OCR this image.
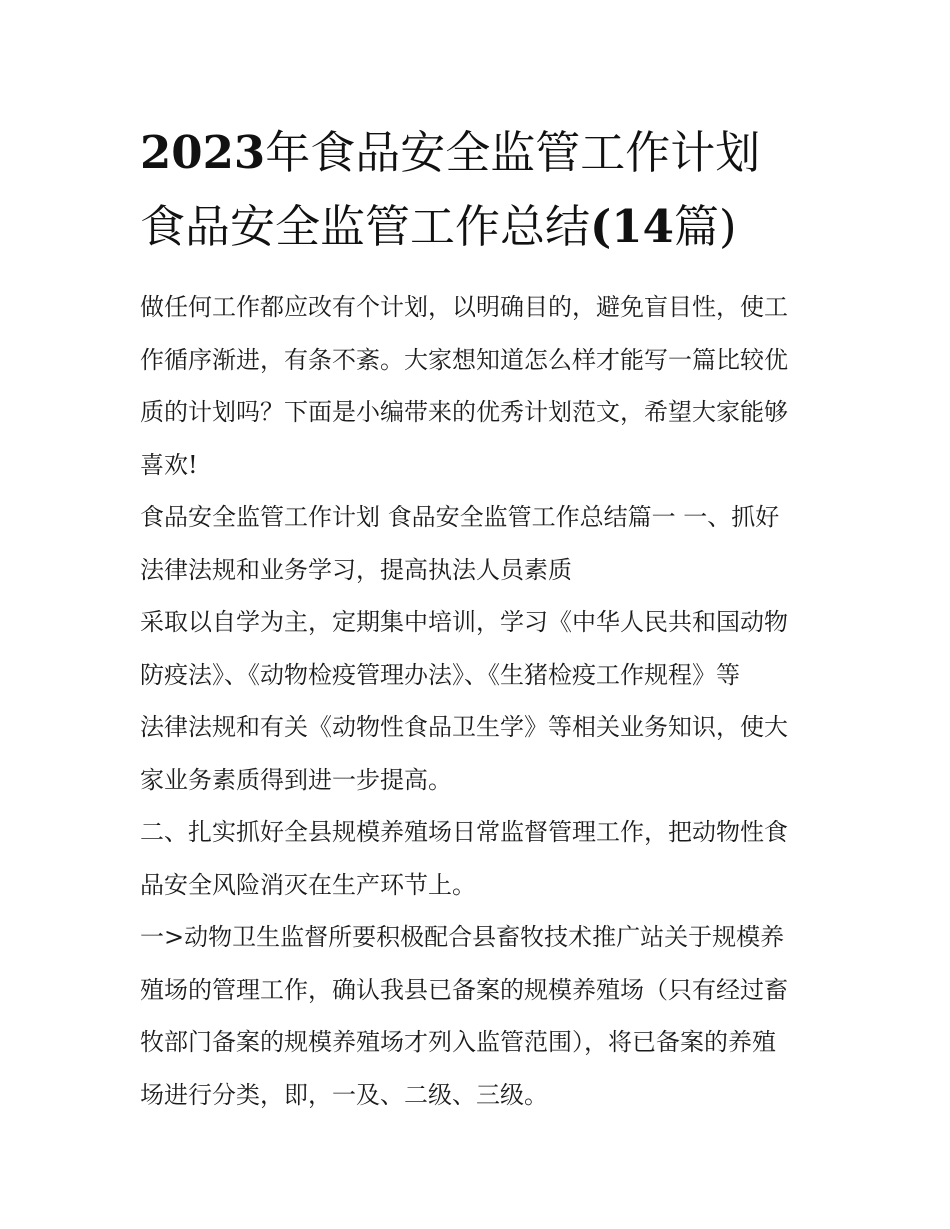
2023年食品安全监管工作计划
食品安全监管工作总结(14篇)
做任何工作都应改有个计划，以明确目的，避免盲目性，使工
作循序渐进，有条不紊。大家想知道怎么样才能写一篇比较优
质的计划吗？下面是小编带来的优秀计划范文，希望大家能够
喜欢!
食品安全监管工作计划 食品安全监管工作总结篇一 一、抓好
法律法规和业务学习，提高执法人员素质
采取以自学为主，定期集中培训，学习《中华人民共和国动物
防疫法》、《动物检疫管理办法》、《生猪检疫工作规程》等
法律法规和有关《动物性食品卫生学》等相关业务知识，使大
家业务素质得到进一步提高。
二、扎实抓好全县规模养殖场日常监督管理工作，把动物性食
品安全风险消灭在生产环节上。
一>动物卫生监督所要积极配合县畜牧技术推广站关于规模养
殖场的管理工作，确认我县已备案的规模养殖场（只有经过畜
牧部门备案的规模养殖场才列入监管范围），将已备案的养殖
场进行分类，即，一及、二级、三级。
